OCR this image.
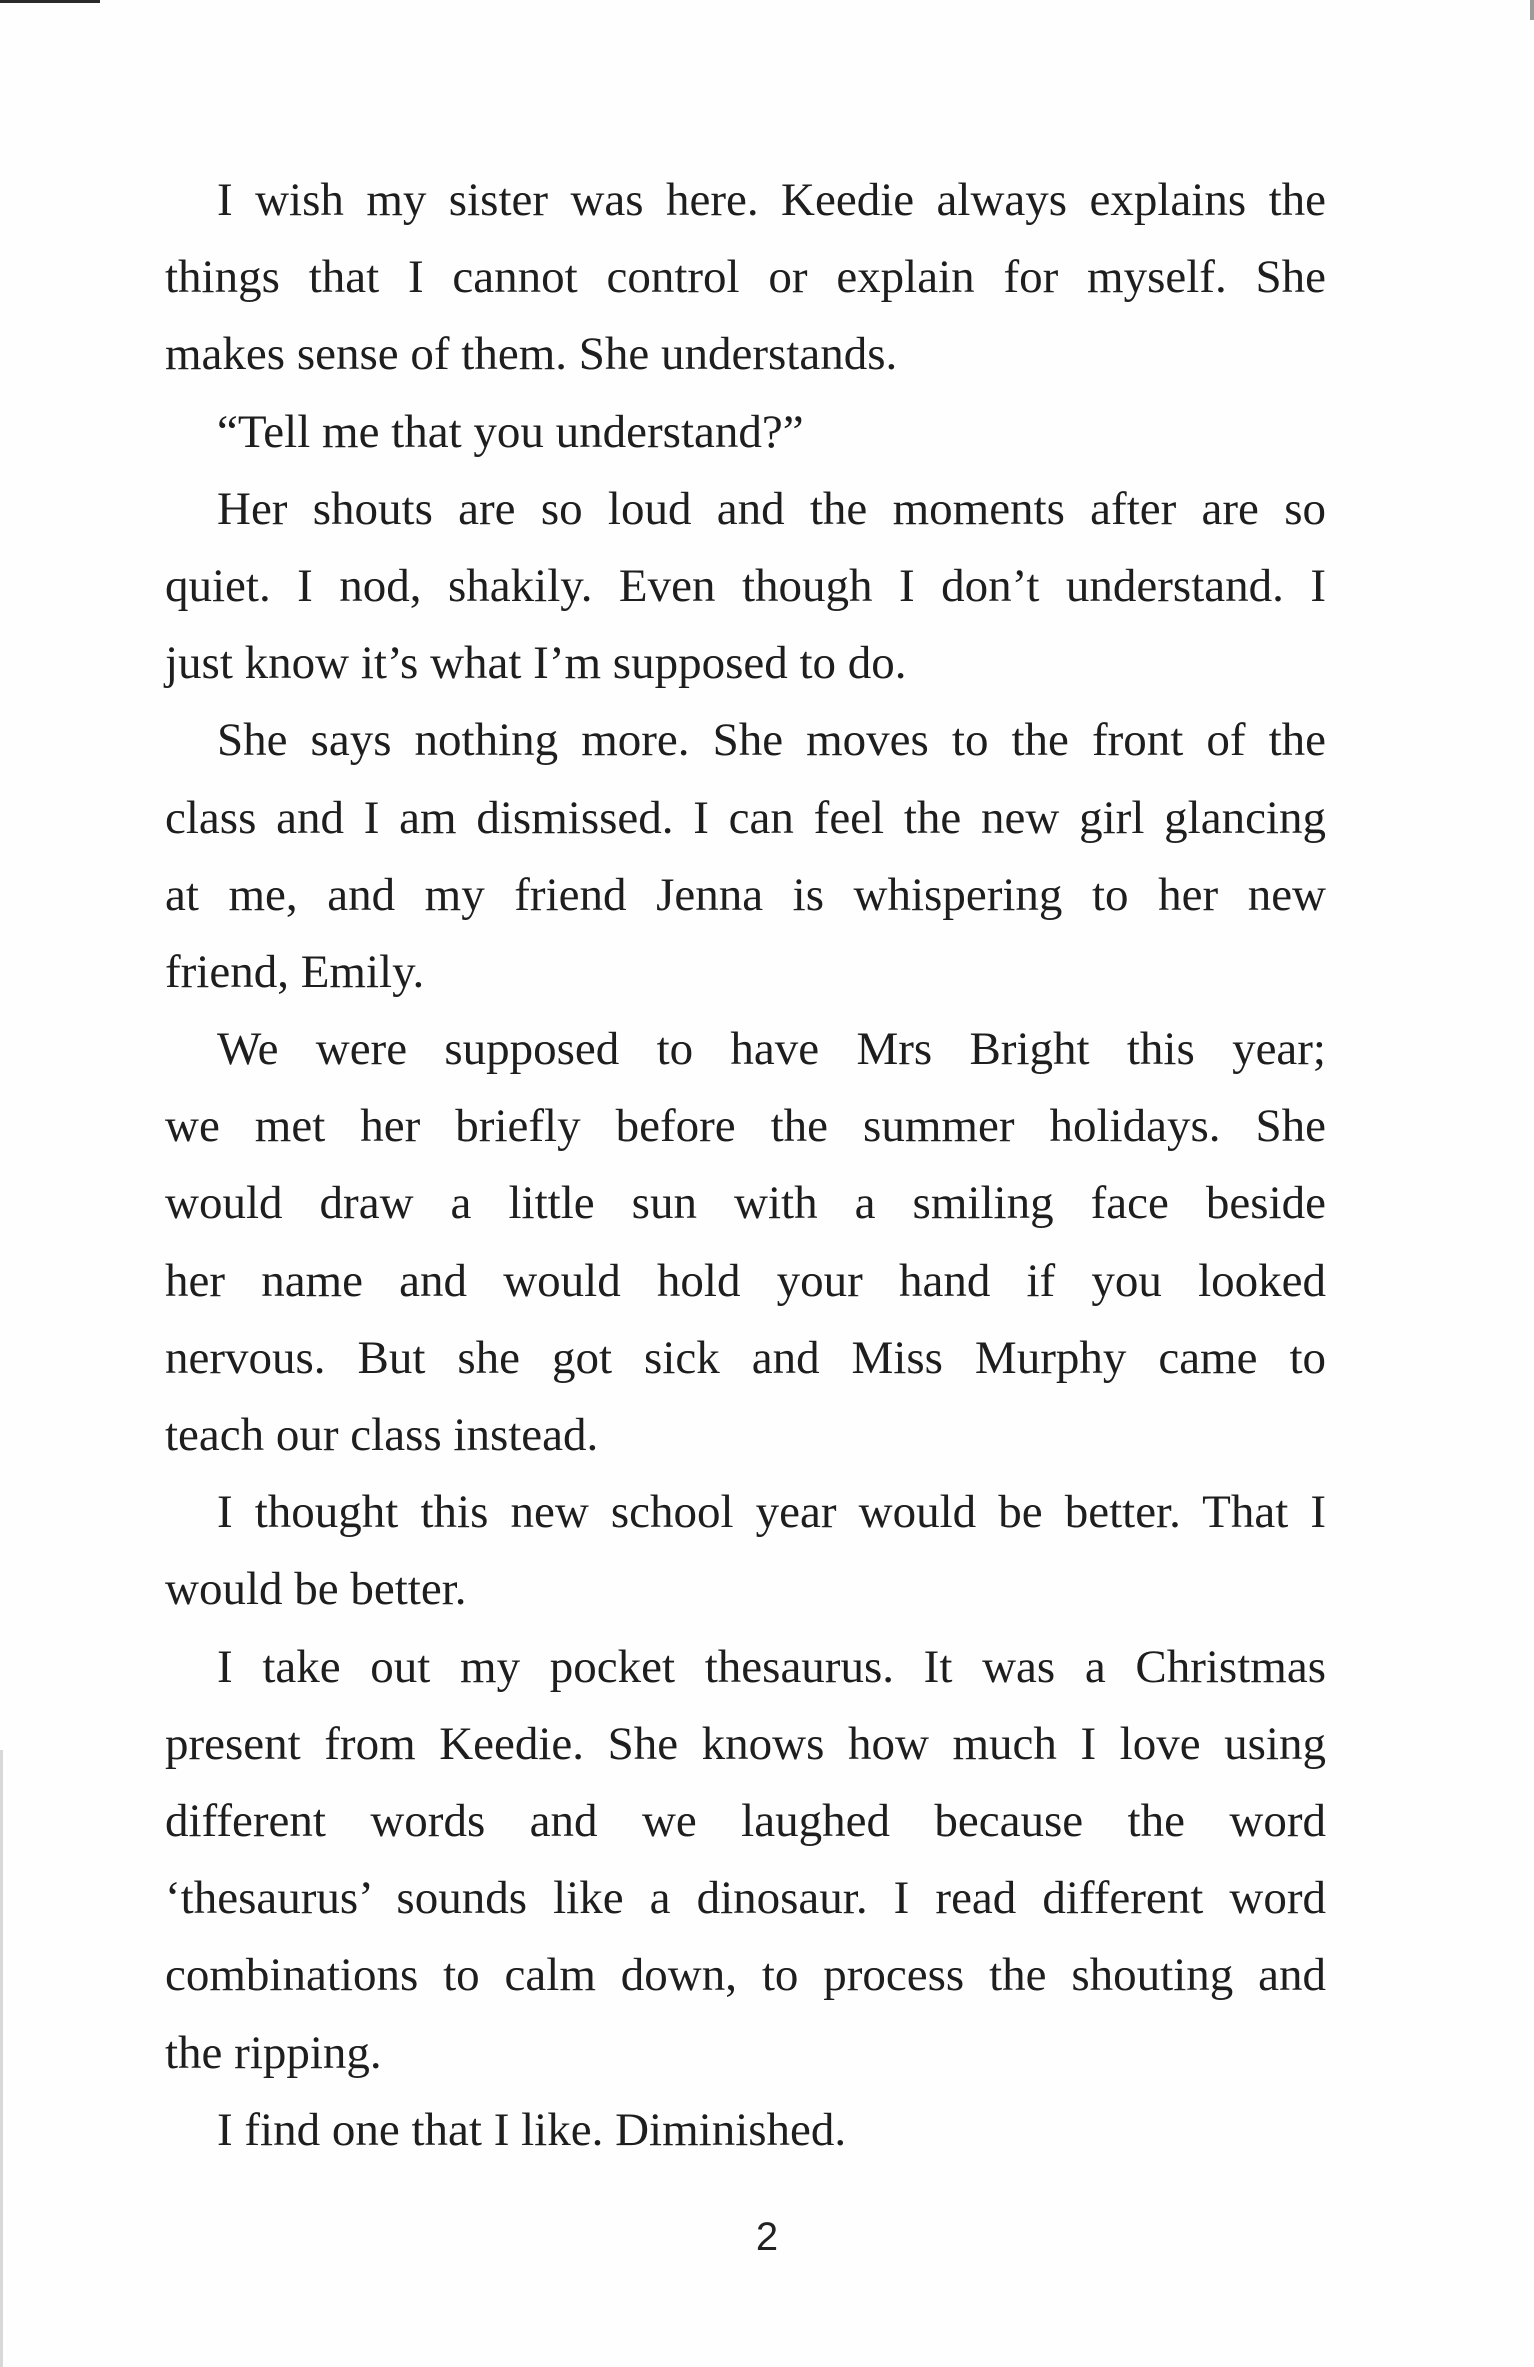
I wish my sister was here. Keedie always explains the
things that I cannot control or explain for myself. She
makes sense of them. She understands.
“Tell me that you understand?”
Her shouts are so loud and the moments after are so
quiet. I nod, shakily. Even though I don’t understand. I
just know it’s what I’m supposed to do.
She says nothing more. She moves to the front of the
class and I am dismissed. I can feel the new girl glancing
at me, and my friend Jenna is whispering to her new
friend, Emily.
We were supposed to have Mrs Bright this year;
we met her briefly before the summer holidays. She
would draw a little sun with a smiling face beside
her name and would hold your hand if you looked
nervous. But she got sick and Miss Murphy came to
teach our class instead.
I thought this new school year would be better. That I
would be better.
I take out my pocket thesaurus. It was a Christmas
present from Keedie. She knows how much I love using
different words and we laughed because the word
‘thesaurus’ sounds like a dinosaur. I read different word
combinations to calm down, to process the shouting and
the ripping.
I find one that I like. Diminished.
2
